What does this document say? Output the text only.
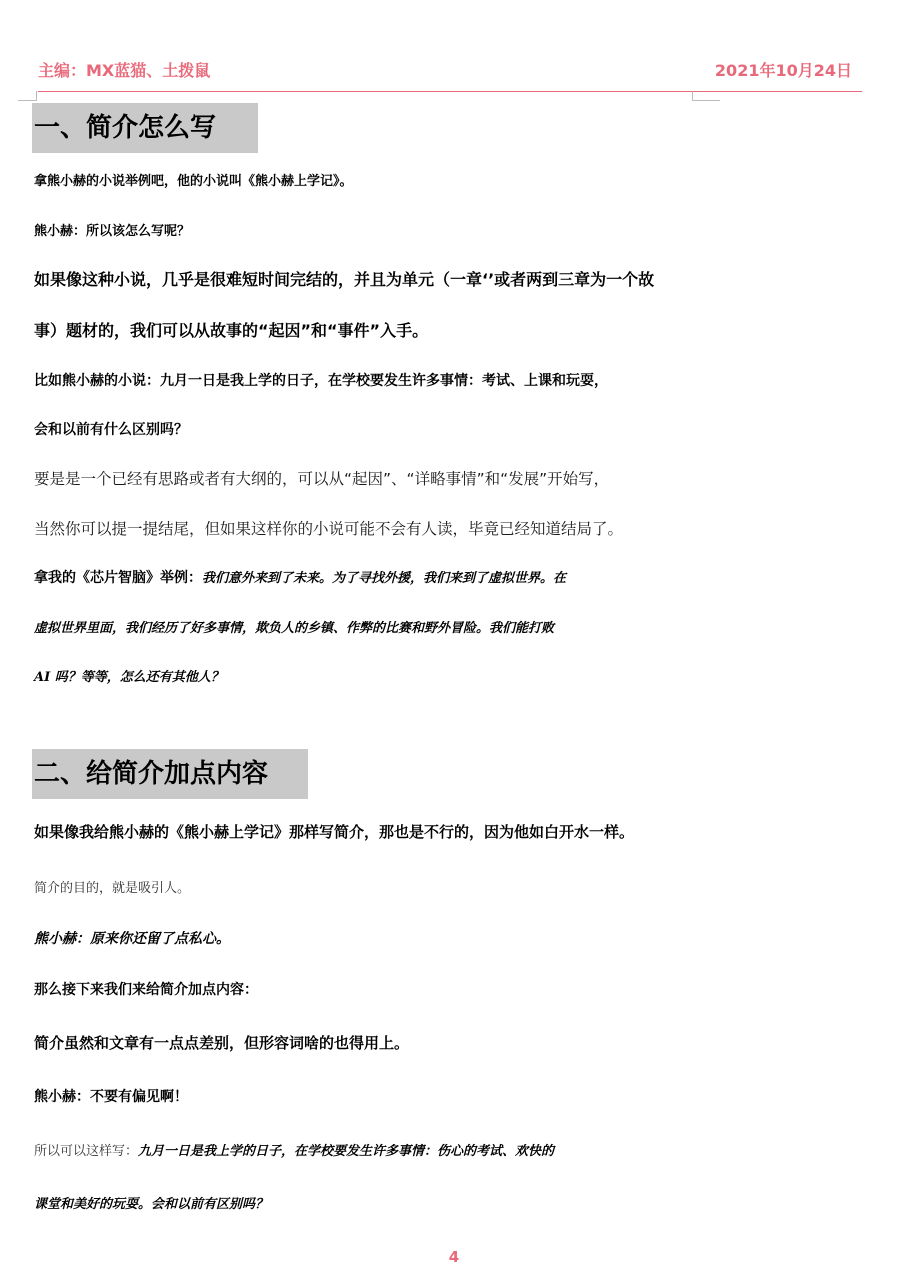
主编：MX蓝猫、土拨鼠	2021年10月24日
一、简介怎么写
拿熊小赫的小说举例吧，他的小说叫《熊小赫上学记》。
熊小赫：所以该怎么写呢？
如果像这种小说，几乎是很难短时间完结的，并且为单元（一章‘’或者两到三章为一个故
事）题材的，我们可以从故事的“起因”和“事件”入手。
比如熊小赫的小说：九月一日是我上学的日子，在学校要发生许多事情：考试、上课和玩耍，
会和以前有什么区别吗？
要是是一个已经有思路或者有大纲的，可以从“起因”、“详略事情”和“发展”开始写，
当然你可以提一提结尾，但如果这样你的小说可能不会有人读，毕竟已经知道结局了。
拿我的《芯片智脑》举例：我们意外来到了未来。为了寻找外援，我们来到了虚拟世界。在
虚拟世界里面，我们经历了好多事情，欺负人的乡镇、作弊的比赛和野外冒险。我们能打败
AI 吗？等等，怎么还有其他人？
二、给简介加点内容
如果像我给熊小赫的《熊小赫上学记》那样写简介，那也是不行的，因为他如白开水一样。
简介的目的，就是吸引人。
熊小赫：原来你还留了点私心。
那么接下来我们来给简介加点内容：
简介虽然和文章有一点点差别，但形容词啥的也得用上。
熊小赫：不要有偏见啊！
所以可以这样写：九月一日是我上学的日子，在学校要发生许多事情：伤心的考试、欢快的
课堂和美好的玩耍。会和以前有区别吗？
4
